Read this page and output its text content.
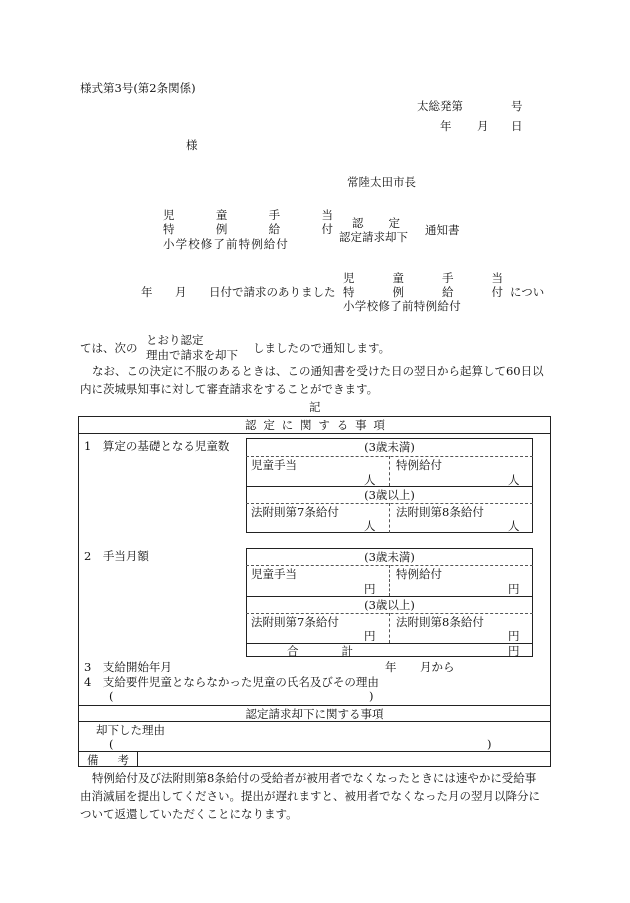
様式第3号(第2条関係)
太総発第	号
年 月 日
様
常陸太田市長
児	童	手	当
特	例	給	付
小学校修了前特例給付
認 定
認定請求却下 通知書
年 月 日付で請求のありました
児	童	手	当
特	例	給	付
小学校修了前特例給付
につい
ては、次の
とおり認定
理由で請求を却下 しましたので通知します。
なお、この決定に不服のあるときは、この通知書を受けた日の翌日から起算して60日以
内に茨城県知事に対して審査請求をすることができます。
記
認 定 に 関 す る 事 項
1　算定の基礎となる児童数	(3歳未満)
児童手当	特例給付
人	人
(3歳以上)
法附則第7条給付	法附則第8条給付
人	人
2　手当月額	(3歳未満)
児童手当	特例給付
円	円
(3歳以上)
法附則第7条給付	法附則第8条給付
円	円
合	計	円
3　支給開始年月	年 月から
4　支給要件児童とならなかった児童の氏名及びその理由
(	)
認定請求却下に関する事項
却下した理由
(	)
備 考
特例給付及び法附則第8条給付の受給者が被用者でなくなったときには速やかに受給事
由消滅届を提出してください。提出が遅れますと、被用者でなくなった月の翌月以降分に
ついて返還していただくことになります。
